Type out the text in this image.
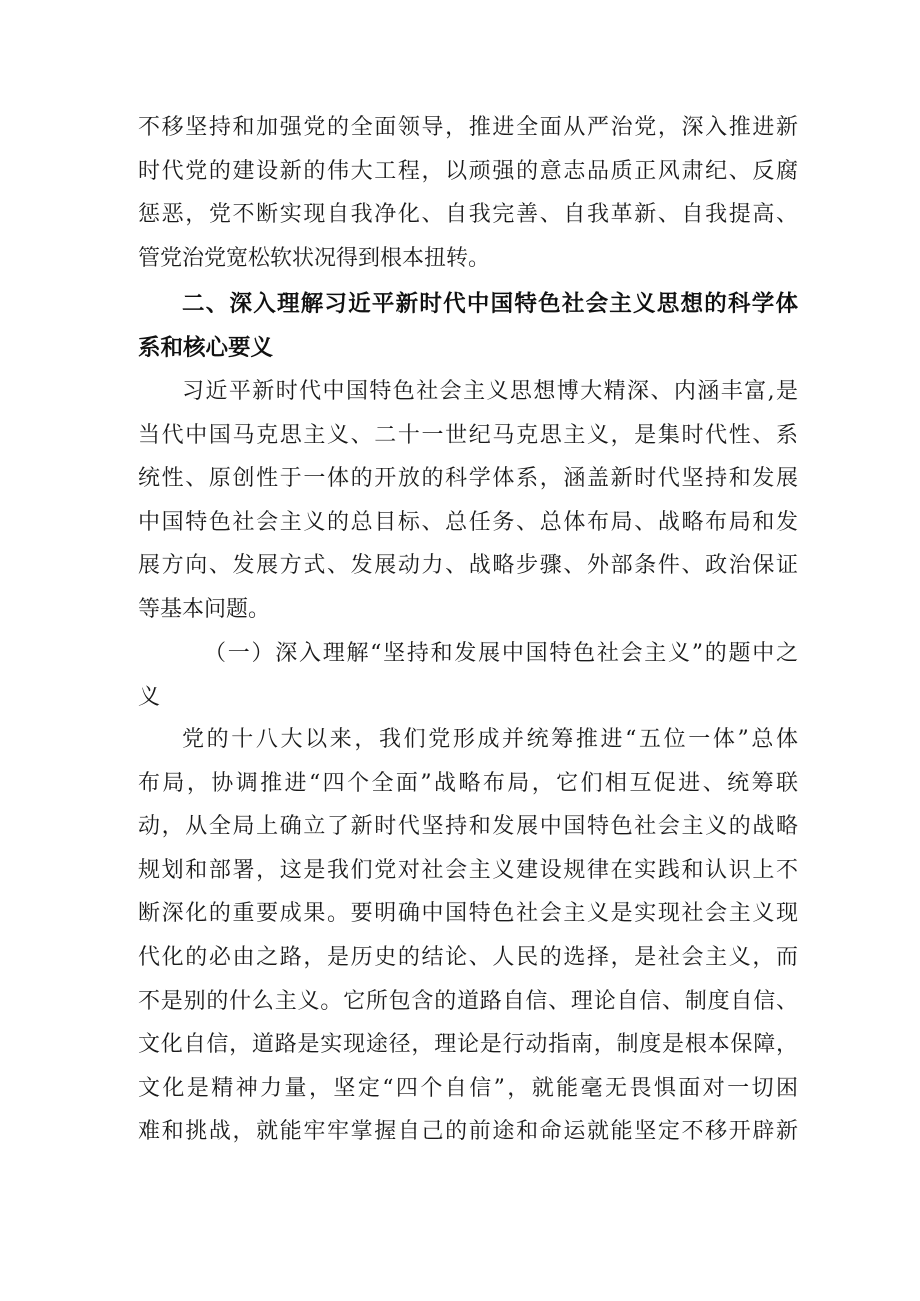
不移坚持和加强党的全面领导，推进全面从严治党，深入推进新
时代党的建设新的伟大工程，以顽强的意志品质正风肃纪、反腐
惩恶，党不断实现自我净化、自我完善、自我革新、自我提高、
管党治党宽松软状况得到根本扭转。
二、深入理解习近平新时代中国特色社会主义思想的科学体
系和核心要义
习近平新时代中国特色社会主义思想博大精深、内涵丰富,是
当代中国马克思主义、二十一世纪马克思主义，是集时代性、系
统性、原创性于一体的开放的科学体系，涵盖新时代坚持和发展
中国特色社会主义的总目标、总任务、总体布局、战略布局和发
展方向、发展方式、发展动力、战略步骤、外部条件、政治保证
等基本问题。
（一）深入理解“坚持和发展中国特色社会主义”的题中之
义
党的十八大以来，我们党形成并统筹推进“五位一体”总体
布局，协调推进“四个全面”战略布局，它们相互促进、统筹联
动，从全局上确立了新时代坚持和发展中国特色社会主义的战略
规划和部署，这是我们党对社会主义建设规律在实践和认识上不
断深化的重要成果。要明确中国特色社会主义是实现社会主义现
代化的必由之路，是历史的结论、人民的选择，是社会主义，而
不是别的什么主义。它所包含的道路自信、理论自信、制度自信、
文化自信，道路是实现途径，理论是行动指南，制度是根本保障，
文化是精神力量，坚定“四个自信”，就能毫无畏惧面对一切困
难和挑战，就能牢牢掌握自己的前途和命运就能坚定不移开辟新
